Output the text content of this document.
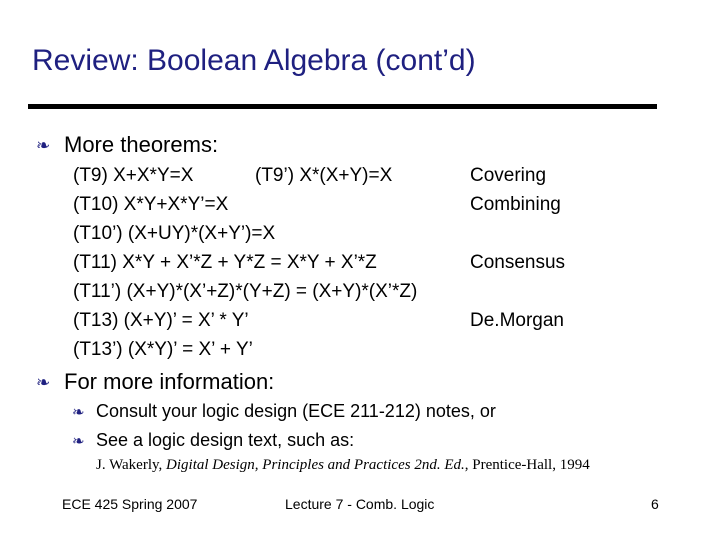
Review: Boolean Algebra (cont’d)
❧ More theorems:
(T9) X+X*Y=X	(T9’) X*(X+Y)=X	Covering
(T10) X*Y+X*Y’=X	Combining
(T10’) (X+UY)*(X+Y’)=X
(T11) X*Y + X’*Z + Y*Z = X*Y + X’*Z	Consensus
(T11’) (X+Y)*(X’+Z)*(Y+Z) = (X+Y)*(X’*Z)
(T13) (X+Y)’ = X’ * Y’	De.Morgan
(T13’) (X*Y)’ = X’ + Y’
❧ For more information:
❧ Consult your logic design (ECE 211-212) notes, or
❧ See a logic design text, such as:
J. Wakerly, Digital Design, Principles and Practices 2nd. Ed., Prentice-Hall, 1994
ECE 425 Spring 2007	Lecture 7 - Comb. Logic	6
